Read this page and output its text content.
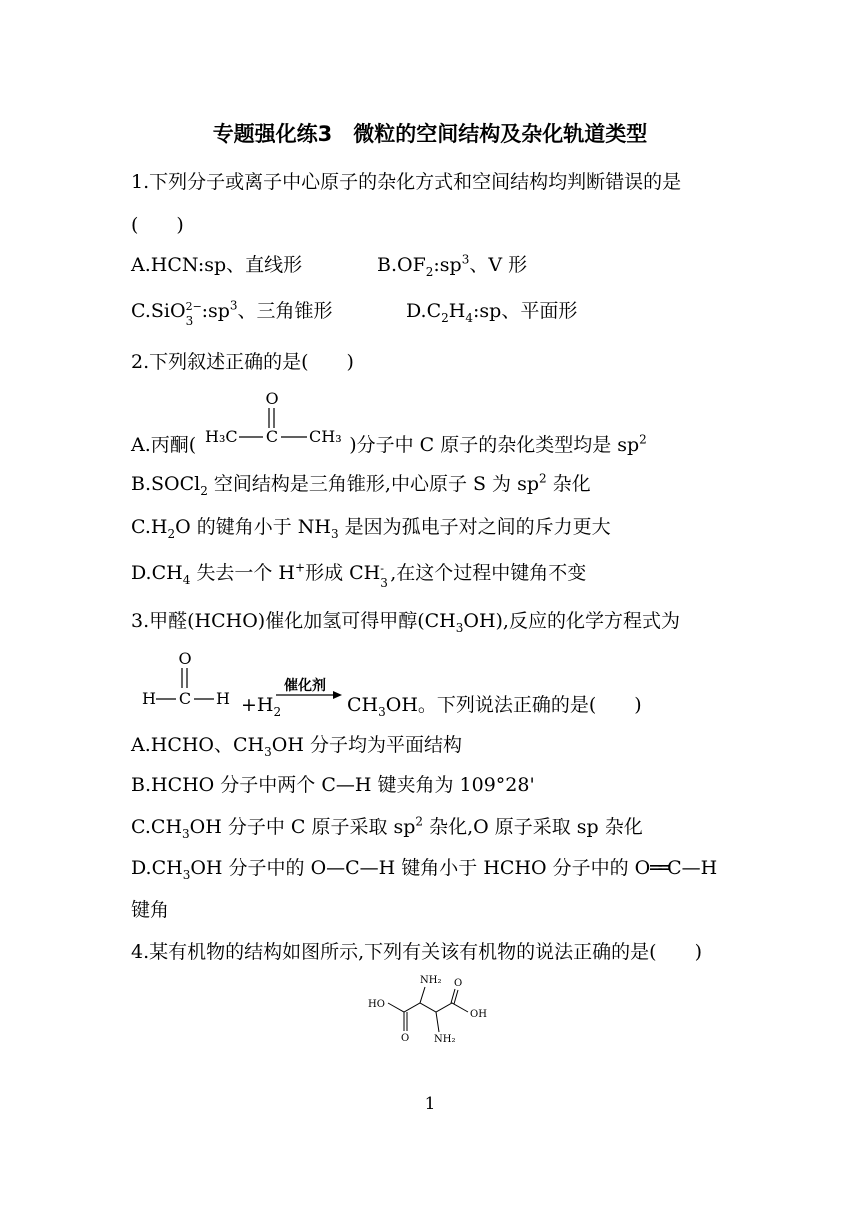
专题强化练3　微粒的空间结构及杂化轨道类型
1.下列分子或离子中心原子的杂化方式和空间结构均判断错误的是
(　　)
A.HCN:sp、直线形	$B.OF_2:sp^3$、V 形
C.SiO 2−
3 $:sp^3$、三角锥形	$D.C_2H_4:sp$、平面形
2.下列叙述正确的是(　　)
A.丙酮(	)分子中 C 原子的杂化类型均是 $sp^2$
O
H₃C C CH₃
B.SOCl$_2$ 空间结构是三角锥形,中心原子 S 为 $sp^2$ 杂化
$C.H_2O$ 的键角小于 $NH_3$ 是因为孤电子对之间的斥力更大
$D.CH_4$ 失去一个 H+形成 CH -
3 ,在这个过程中键角不变
3.甲醛(HCHO)催化加氢可得甲醇$(CH_3OH)$,反应的化学方程式为
O
H C $H +H_2$
催化剂
$CH_3OH$。下列说法正确的是(　　)
A.HCHO、$CH_3OH$ 分子均为平面结构
B.HCHO 分子中两个 C—H 键夹角为 109°28'
$C.CH_3OH$ 分子中 C 原子采取 $sp^2$ 杂化,O 原子采取 sp 杂化
$D.CH_3OH$ 分子中的 O—C—H 键角小于 HCHO 分子中的 O══C—H
键角
4.某有机物的结构如图所示,下列有关该有机物的说法正确的是(　　)
NH₂
HO
OH
O
O
NH₂
1
